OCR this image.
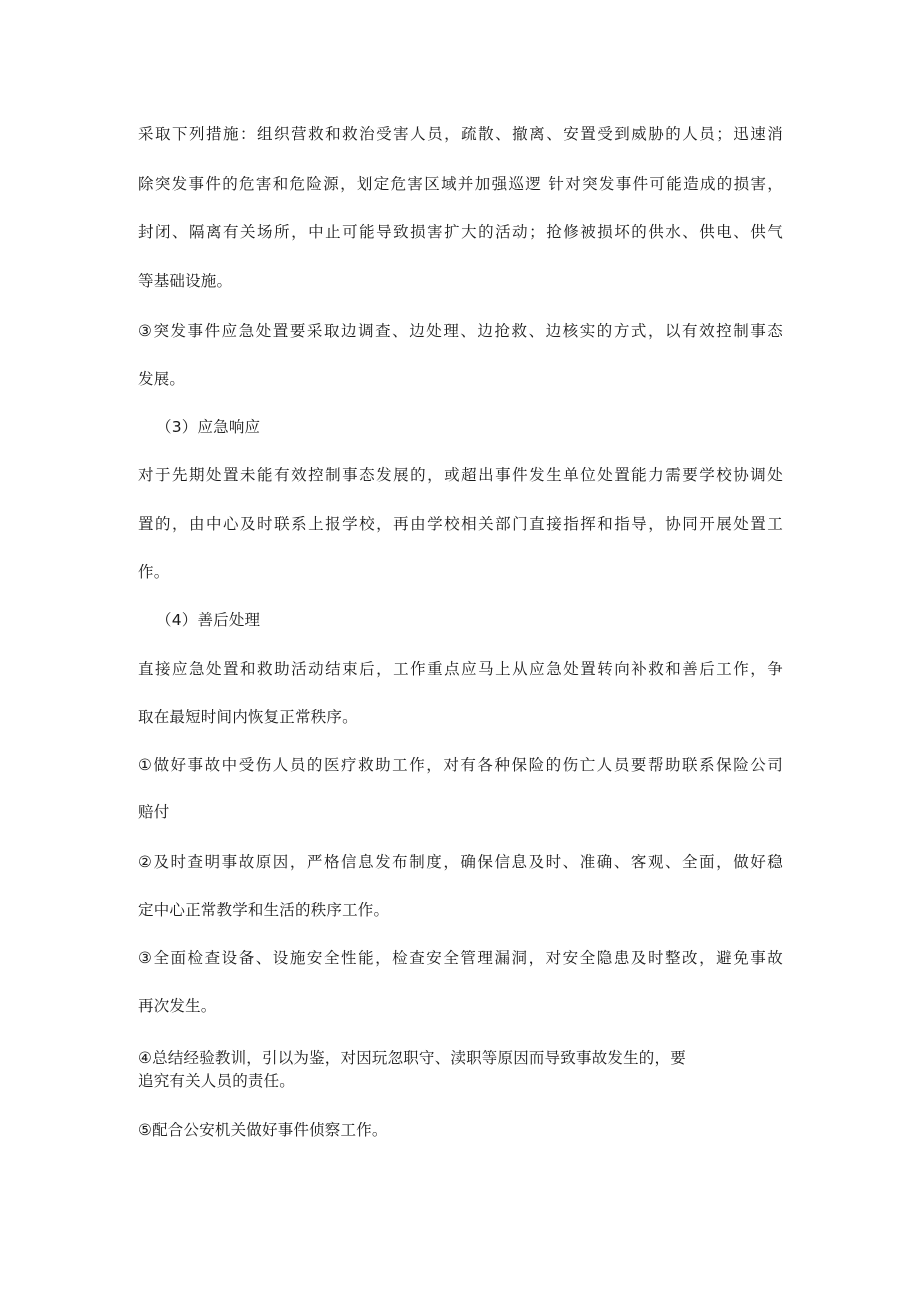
采取下列措施：组织营救和救治受害人员，疏散、撤离、安置受到威胁的人员；迅速消
除突发事件的危害和危险源，划定危害区域并加强巡逻 针对突发事件可能造成的损害，
封闭、隔离有关场所，中止可能导致损害扩大的活动；抢修被损坏的供水、供电、供气
等基础设施。
③突发事件应急处置要采取边调查、边处理、边抢救、边核实的方式，以有效控制事态
发展。
（3）应急响应
对于先期处置未能有效控制事态发展的，或超出事件发生单位处置能力需要学校协调处
置的，由中心及时联系上报学校，再由学校相关部门直接指挥和指导，协同开展处置工
作。
（4）善后处理
直接应急处置和救助活动结束后，工作重点应马上从应急处置转向补救和善后工作，争
取在最短时间内恢复正常秩序。
①做好事故中受伤人员的医疗救助工作，对有各种保险的伤亡人员要帮助联系保险公司
赔付
②及时查明事故原因，严格信息发布制度，确保信息及时、准确、客观、全面，做好稳
定中心正常教学和生活的秩序工作。
③全面检查设备、设施安全性能，检查安全管理漏洞，对安全隐患及时整改，避免事故
再次发生。
④总结经验教训，引以为鉴，对因玩忽职守、渎职等原因而导致事故发生的，要
追究有关人员的责任。
⑤配合公安机关做好事件侦察工作。
